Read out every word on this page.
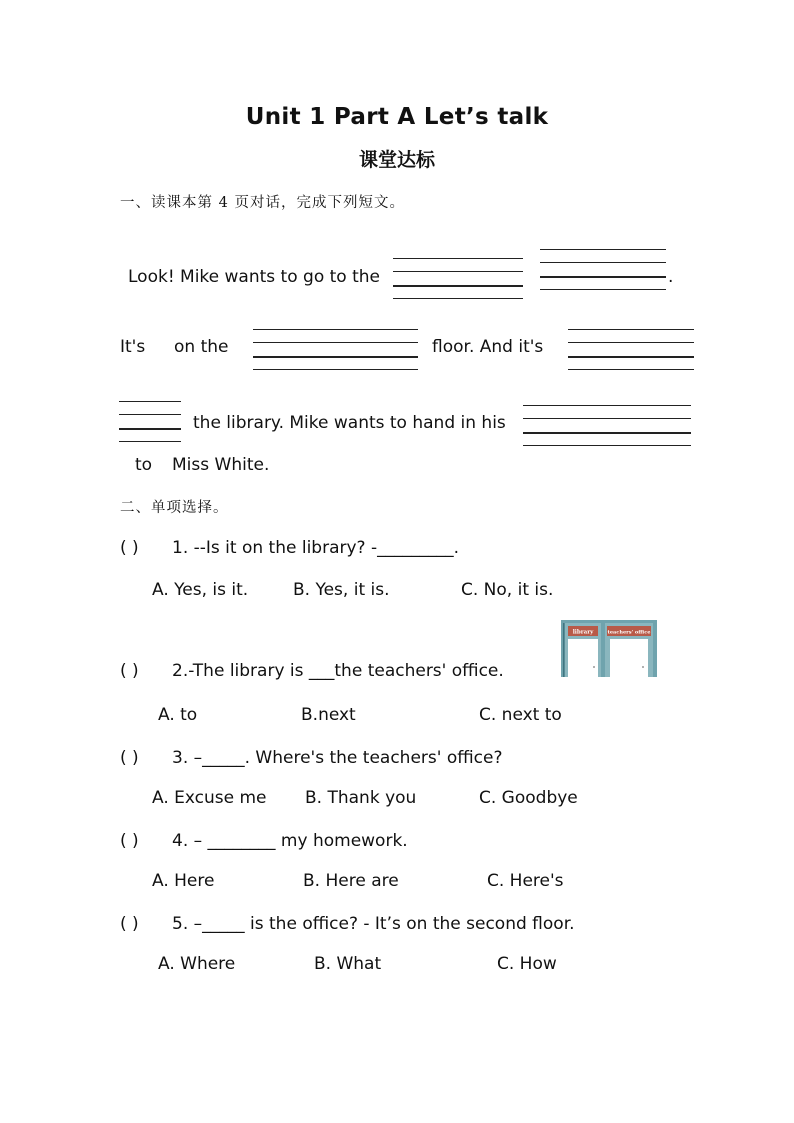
Unit 1 Part A Let’s talk
课堂达标
一、读课本第 4 页对话，完成下列短文。
Look! Mike wants to go to the	.
It's on the	floor. And it's
the library. Mike wants to hand in his
to Miss White.
二、单项选择。
( ) 1. --Is it on the library? -_________.
A. Yes, is it.	B. Yes, it is.	C. No, it is.
( ) 2.-The library is ___the teachers' office.
library	teachers' office
A. to	B.next	C. next to
( ) 3. –_____. Where's the teachers' office?
A. Excuse me B. Thank you	C. Goodbye
( ) 4. – ________ my homework.
A. Here	B. Here are	C. Here's
( ) 5. –_____ is the office? - It’s on the second floor.
A. Where	B. What	C. How
